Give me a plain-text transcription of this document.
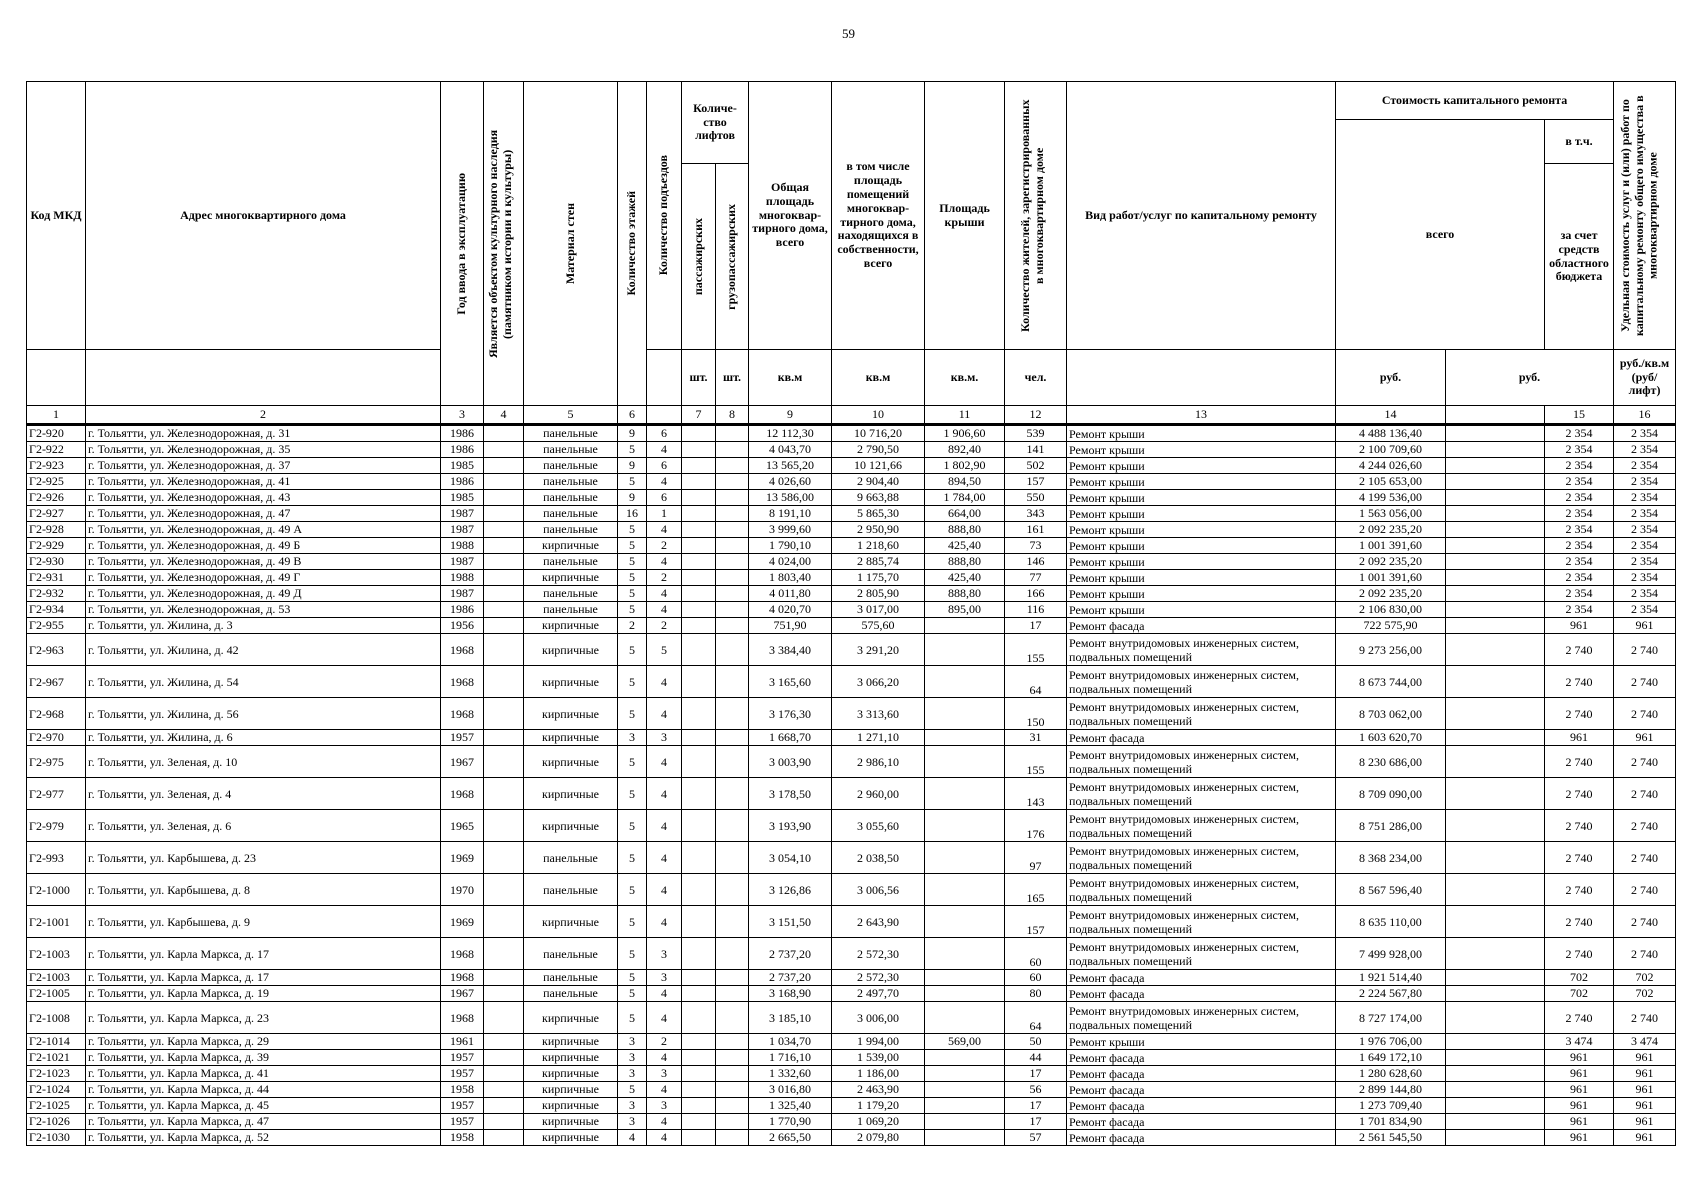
59
Код МКД	Адрес многоквартирного дома	Год ввода в эксплуатацию	Является объектом культурного наследия (памятником истории и культуры)	Материал стен	Количество этажей	Количество подъездов	Количе-ство лифтов		Общая площадь многоквар-тирного дома, всего	в том числе площадь помещений многоквар-тирного дома, находящихся в собственности, всего	Площадь крыши	Количество жителей, зарегистрированных в многоквартирном доме	Вид работ/услуг по капитальному ремонту	Стоимость капитального ремонта			Удельная стоимость услуг и (или) работ по капитальному ремонту общего имущества в многоквартирном доме

														всего		в т.ч.		

							пассажирских	грузопассажирских								за счет средств областного бюджета		
							шт.	шт.	кв.м	кв.м	кв.м.	чел.		руб.	руб.		руб./кв.м (руб/лифт)	
1	2	3	4	5	6		7	8	9	10	11	12	13	14		15	16	
Г2-920	г. Тольятти, ул. Железнодорожная, д. 31	1986		панельные	9	6			12 112,30	10 716,20	1 906,60	539	Ремонт крыши	4 488 136,40		2 354	2 354	
Г2-922	г. Тольятти, ул. Железнодорожная, д. 35	1986		панельные	5	4			4 043,70	2 790,50	892,40	141	Ремонт крыши	2 100 709,60		2 354	2 354	
Г2-923	г. Тольятти, ул. Железнодорожная, д. 37	1985		панельные	9	6			13 565,20	10 121,66	1 802,90	502	Ремонт крыши	4 244 026,60		2 354	2 354	
Г2-925	г. Тольятти, ул. Железнодорожная, д. 41	1986		панельные	5	4			4 026,60	2 904,40	894,50	157	Ремонт крыши	2 105 653,00		2 354	2 354	
Г2-926	г. Тольятти, ул. Железнодорожная, д. 43	1985		панельные	9	6			13 586,00	9 663,88	1 784,00	550	Ремонт крыши	4 199 536,00		2 354	2 354	
Г2-927	г. Тольятти, ул. Железнодорожная, д. 47	1987		панельные	16	1			8 191,10	5 865,30	664,00	343	Ремонт крыши	1 563 056,00		2 354	2 354	
Г2-928	г. Тольятти, ул. Железнодорожная, д. 49 А	1987		панельные	5	4			3 999,60	2 950,90	888,80	161	Ремонт крыши	2 092 235,20		2 354	2 354	
Г2-929	г. Тольятти, ул. Железнодорожная, д. 49 Б	1988		кирпичные	5	2			1 790,10	1 218,60	425,40	73	Ремонт крыши	1 001 391,60		2 354	2 354	
Г2-930	г. Тольятти, ул. Железнодорожная, д. 49 В	1987		панельные	5	4			4 024,00	2 885,74	888,80	146	Ремонт крыши	2 092 235,20		2 354	2 354	
Г2-931	г. Тольятти, ул. Железнодорожная, д. 49 Г	1988		кирпичные	5	2			1 803,40	1 175,70	425,40	77	Ремонт крыши	1 001 391,60		2 354	2 354	
Г2-932	г. Тольятти, ул. Железнодорожная, д. 49 Д	1987		панельные	5	4			4 011,80	2 805,90	888,80	166	Ремонт крыши	2 092 235,20		2 354	2 354	
Г2-934	г. Тольятти, ул. Железнодорожная, д. 53	1986		панельные	5	4			4 020,70	3 017,00	895,00	116	Ремонт крыши	2 106 830,00		2 354	2 354	
Г2-955	г. Тольятти, ул. Жилина, д. 3	1956		кирпичные	2	2			751,90	575,60		17	Ремонт фасада	722 575,90		961	961	
Г2-963	г. Тольятти, ул. Жилина, д. 42	1968		кирпичные	5	5			3 384,40	3 291,20		155	Ремонт внутридомовых инженерных систем, подвальных помещений	9 273 256,00		2 740	2 740	
Г2-967	г. Тольятти, ул. Жилина, д. 54	1968		кирпичные	5	4			3 165,60	3 066,20		64	Ремонт внутридомовых инженерных систем, подвальных помещений	8 673 744,00		2 740	2 740	
Г2-968	г. Тольятти, ул. Жилина, д. 56	1968		кирпичные	5	4			3 176,30	3 313,60		150	Ремонт внутридомовых инженерных систем, подвальных помещений	8 703 062,00		2 740	2 740	
Г2-970	г. Тольятти, ул. Жилина, д. 6	1957		кирпичные	3	3			1 668,70	1 271,10		31	Ремонт фасада	1 603 620,70		961	961	
Г2-975	г. Тольятти, ул. Зеленая, д. 10	1967		кирпичные	5	4			3 003,90	2 986,10		155	Ремонт внутридомовых инженерных систем, подвальных помещений	8 230 686,00		2 740	2 740	
Г2-977	г. Тольятти, ул. Зеленая, д. 4	1968		кирпичные	5	4			3 178,50	2 960,00		143	Ремонт внутридомовых инженерных систем, подвальных помещений	8 709 090,00		2 740	2 740	
Г2-979	г. Тольятти, ул. Зеленая, д. 6	1965		кирпичные	5	4			3 193,90	3 055,60		176	Ремонт внутридомовых инженерных систем, подвальных помещений	8 751 286,00		2 740	2 740	
Г2-993	г. Тольятти, ул. Карбышева, д. 23	1969		панельные	5	4			3 054,10	2 038,50		97	Ремонт внутридомовых инженерных систем, подвальных помещений	8 368 234,00		2 740	2 740	
Г2-1000	г. Тольятти, ул. Карбышева, д. 8	1970		панельные	5	4			3 126,86	3 006,56		165	Ремонт внутридомовых инженерных систем, подвальных помещений	8 567 596,40		2 740	2 740	
Г2-1001	г. Тольятти, ул. Карбышева, д. 9	1969		кирпичные	5	4			3 151,50	2 643,90		157	Ремонт внутридомовых инженерных систем, подвальных помещений	8 635 110,00		2 740	2 740	
Г2-1003	г. Тольятти, ул. Карла Маркса, д. 17	1968		панельные	5	3			2 737,20	2 572,30		60	Ремонт внутридомовых инженерных систем, подвальных помещений	7 499 928,00		2 740	2 740	
Г2-1003	г. Тольятти, ул. Карла Маркса, д. 17	1968		панельные	5	3			2 737,20	2 572,30		60	Ремонт фасада	1 921 514,40		702	702	
Г2-1005	г. Тольятти, ул. Карла Маркса, д. 19	1967		панельные	5	4			3 168,90	2 497,70		80	Ремонт фасада	2 224 567,80		702	702	
Г2-1008	г. Тольятти, ул. Карла Маркса, д. 23	1968		кирпичные	5	4			3 185,10	3 006,00		64	Ремонт внутридомовых инженерных систем, подвальных помещений	8 727 174,00		2 740	2 740	
Г2-1014	г. Тольятти, ул. Карла Маркса, д. 29	1961		кирпичные	3	2			1 034,70	1 994,00	569,00	50	Ремонт крыши	1 976 706,00		3 474	3 474	
Г2-1021	г. Тольятти, ул. Карла Маркса, д. 39	1957		кирпичные	3	4			1 716,10	1 539,00		44	Ремонт фасада	1 649 172,10		961	961	
Г2-1023	г. Тольятти, ул. Карла Маркса, д. 41	1957		кирпичные	3	3			1 332,60	1 186,00		17	Ремонт фасада	1 280 628,60		961	961	
Г2-1024	г. Тольятти, ул. Карла Маркса, д. 44	1958		кирпичные	5	4			3 016,80	2 463,90		56	Ремонт фасада	2 899 144,80		961	961	
Г2-1025	г. Тольятти, ул. Карла Маркса, д. 45	1957		кирпичные	3	3			1 325,40	1 179,20		17	Ремонт фасада	1 273 709,40		961	961	
Г2-1026	г. Тольятти, ул. Карла Маркса, д. 47	1957		кирпичные	3	4			1 770,90	1 069,20		17	Ремонт фасада	1 701 834,90		961	961	
Г2-1030	г. Тольятти, ул. Карла Маркса, д. 52	1958		кирпичные	4	4			2 665,50	2 079,80		57	Ремонт фасада	2 561 545,50		961	961	
